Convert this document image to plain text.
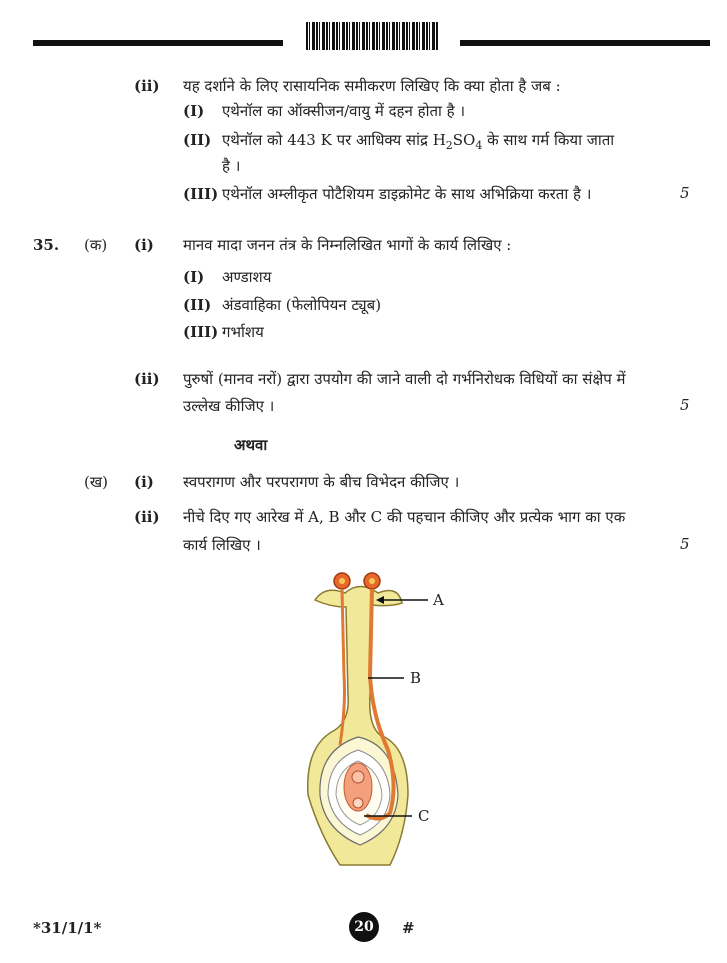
(ii) यह दर्शाने के लिए रासायनिक समीकरण लिखिए कि क्या होता है जब :
(I) एथेनॉल का ऑक्सीजन/वायु में दहन होता है ।
(II) एथेनॉल को 443 K पर आधिक्य सांद्र $H_2SO_4$ के साथ गर्म किया जाता
है ।
(III) एथेनॉल अम्लीकृत पोटैशियम डाइक्रोमेट के साथ अभिक्रिया करता है ।	5
35. (क) (i) मानव मादा जनन तंत्र के निम्नलिखित भागों के कार्य लिखिए :
(I) अण्डाशय
(II) अंडवाहिका (फेलोपियन ट्यूब)
(III) गर्भाशय
(ii) पुरुषों (मानव नरों) द्वारा उपयोग की जाने वाली दो गर्भनिरोधक विधियों का संक्षेप में
उल्लेख कीजिए ।	5
अथवा
(ख) (i) स्वपरागण और परपरागण के बीच विभेदन कीजिए ।
(ii) नीचे दिए गए आरेख में A, B और C की पहचान कीजिए और प्रत्येक भाग का एक
कार्य लिखिए ।	5
A
B
C
*31/1/1*	20	#
